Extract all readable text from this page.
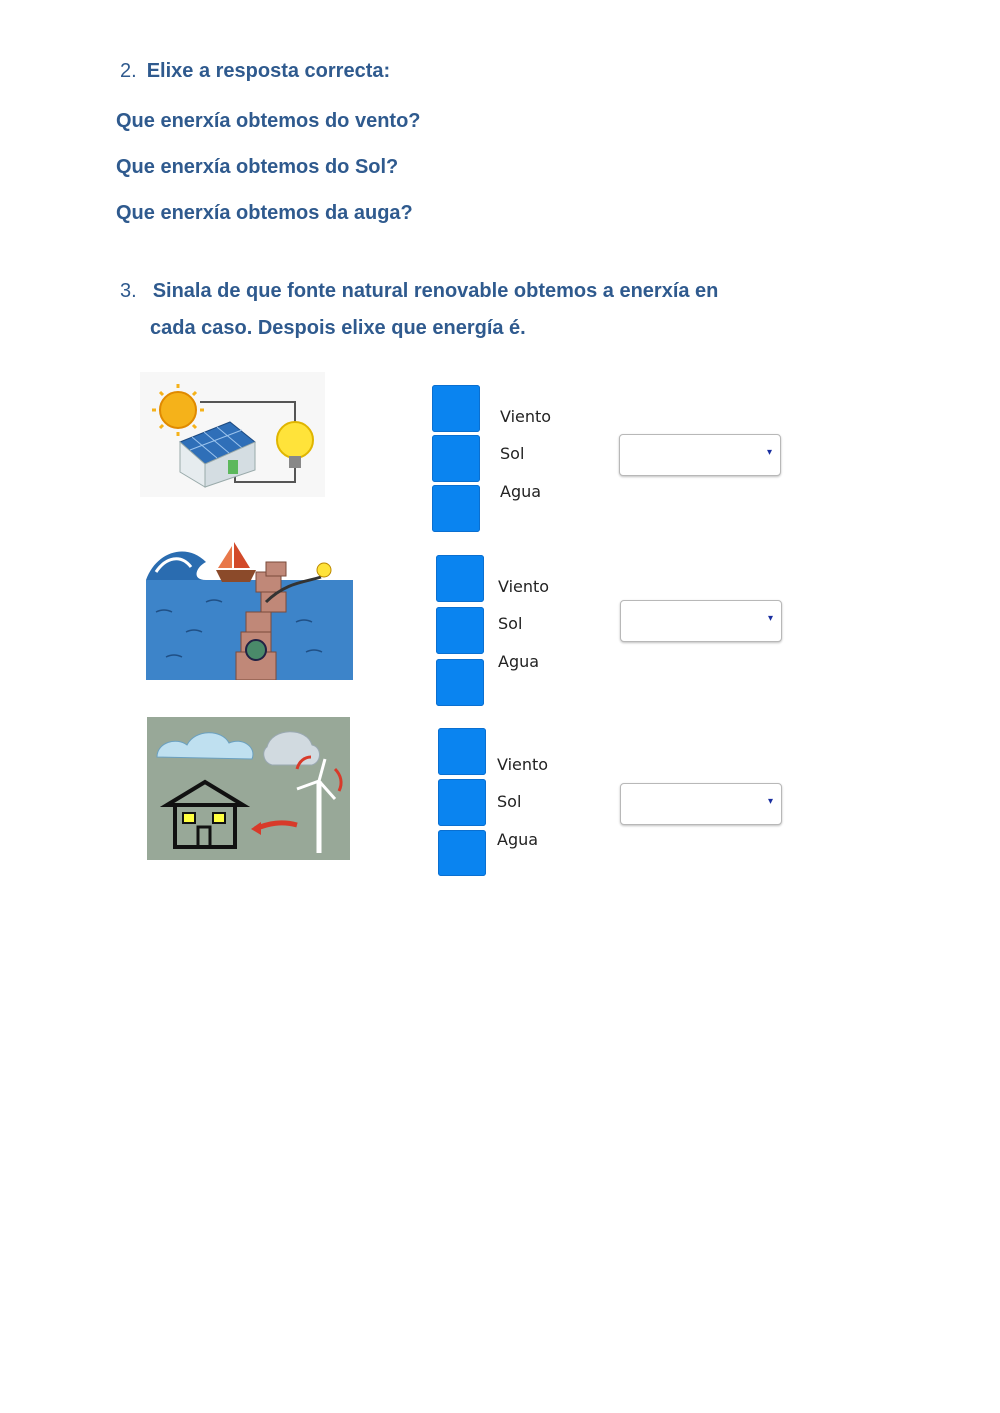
2. Elixe a resposta correcta:
Que enerxía obtemos do vento?
Que enerxía obtemos do Sol?
Que enerxía obtemos da auga?
3. Sinala de que fonte natural renovable obtemos a enerxía en
cada caso. Despois elixe que energía é.
Viento
Sol
Agua
▾
Viento
Sol
Agua
▾
Viento
Sol
Agua
▾
